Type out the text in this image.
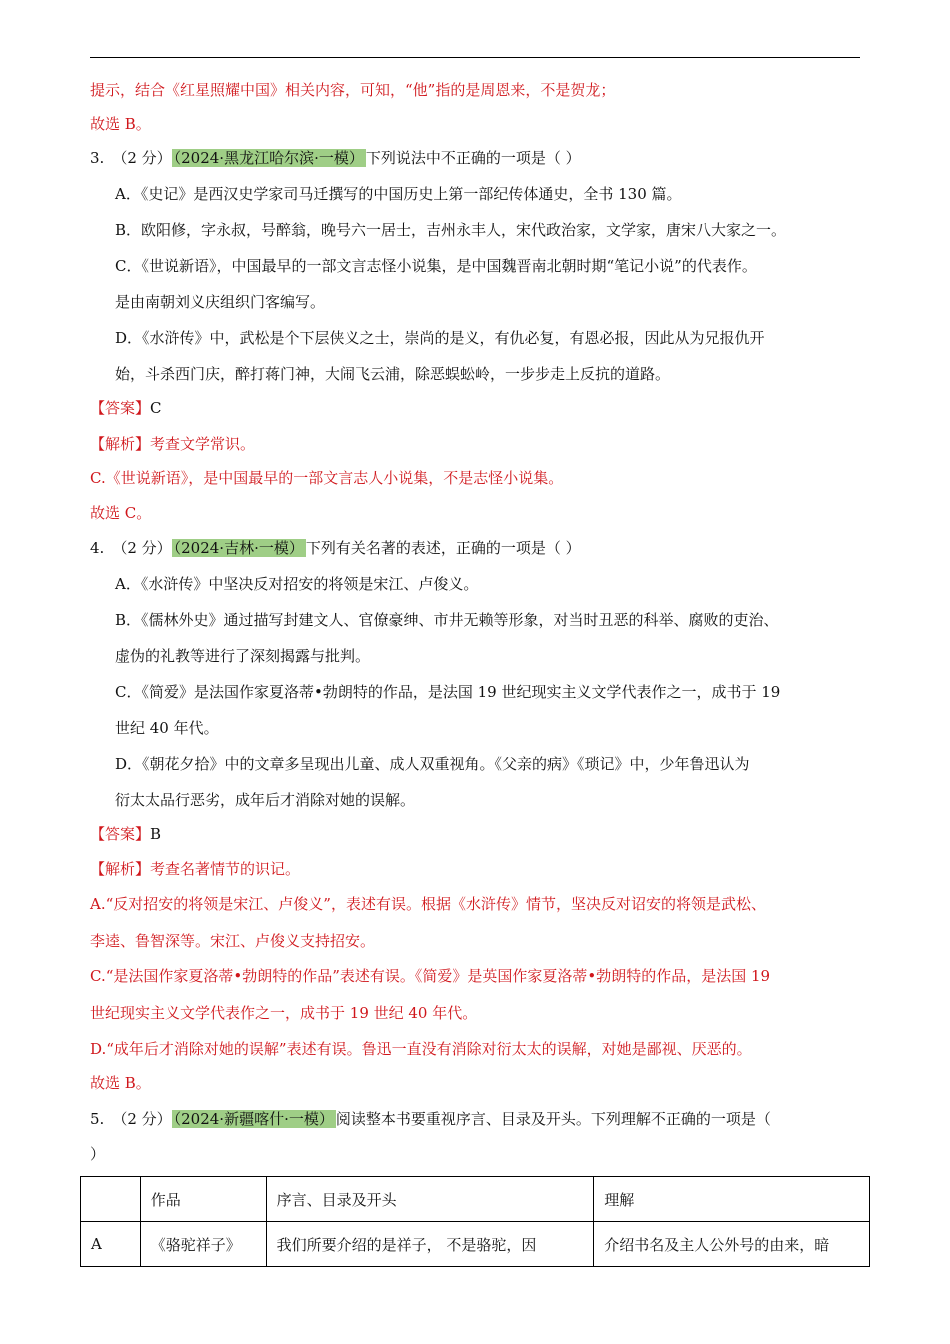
提示，结合《红星照耀中国》相关内容，可知，“他”指的是周恩来，不是贺龙；
故选 B。
3. （2 分） （2024·黑龙江哈尔滨·一模） 下列说法中不正确的一项是（ ）
A．《史记》是西汉史学家司马迁撰写的中国历史上第一部纪传体通史，全书 130 篇。
B．欧阳修，字永叔，号醉翁，晚号六一居士，吉州永丰人，宋代政治家，文学家，唐宋八大家之一。
C．《世说新语》，中国最早的一部文言志怪小说集，是中国魏晋南北朝时期“笔记小说”的代表作。
是由南朝刘义庆组织门客编写。
D．《水浒传》中，武松是个下层侠义之士，崇尚的是义，有仇必复，有恩必报，因此从为兄报仇开
始，斗杀西门庆，醉打蒋门神，大闹飞云浦，除恶蜈蚣岭，一步步走上反抗的道路。
【答案】C
【解析】考查文学常识。
C.《世说新语》，是中国最早的一部文言志人小说集，不是志怪小说集。
故选 C。
4. （2 分） （2024·吉林·一模） 下列有关名著的表述，正确的一项是（ ）
A．《水浒传》中坚决反对招安的将领是宋江、卢俊义。
B．《儒林外史》通过描写封建文人、官僚豪绅、市井无赖等形象，对当时丑恶的科举、腐败的吏治、
虚伪的礼教等进行了深刻揭露与批判。
C．《简爱》是法国作家夏洛蒂•勃朗特的作品，是法国 19 世纪现实主义文学代表作之一，成书于 19
世纪 40 年代。
D．《朝花夕拾》中的文章多呈现出儿童、成人双重视角。《父亲的病》《琐记》中，少年鲁迅认为
衍太太品行恶劣，成年后才消除对她的误解。
【答案】B
【解析】考查名著情节的识记。
A.“反对招安的将领是宋江、卢俊义”，表述有误。根据《水浒传》情节，坚决反对诏安的将领是武松、
李逵、鲁智深等。宋江、卢俊义支持招安。
C.“是法国作家夏洛蒂•勃朗特的作品”表述有误。《简爱》是英国作家夏洛蒂•勃朗特的作品，是法国 19
世纪现实主义文学代表作之一，成书于 19 世纪 40 年代。
D.“成年后才消除对她的误解”表述有误。鲁迅一直没有消除对衍太太的误解，对她是鄙视、厌恶的。
故选 B。
5. （2 分） （2024·新疆喀什·一模） 阅读整本书要重视序言、目录及开头。下列理解不正确的一项是（
）
	作品	序言、目录及开头	理解
A	《骆驼祥子》	我们所要介绍的是祥子， 不是骆驼，因	介绍书名及主人公外号的由来，暗
